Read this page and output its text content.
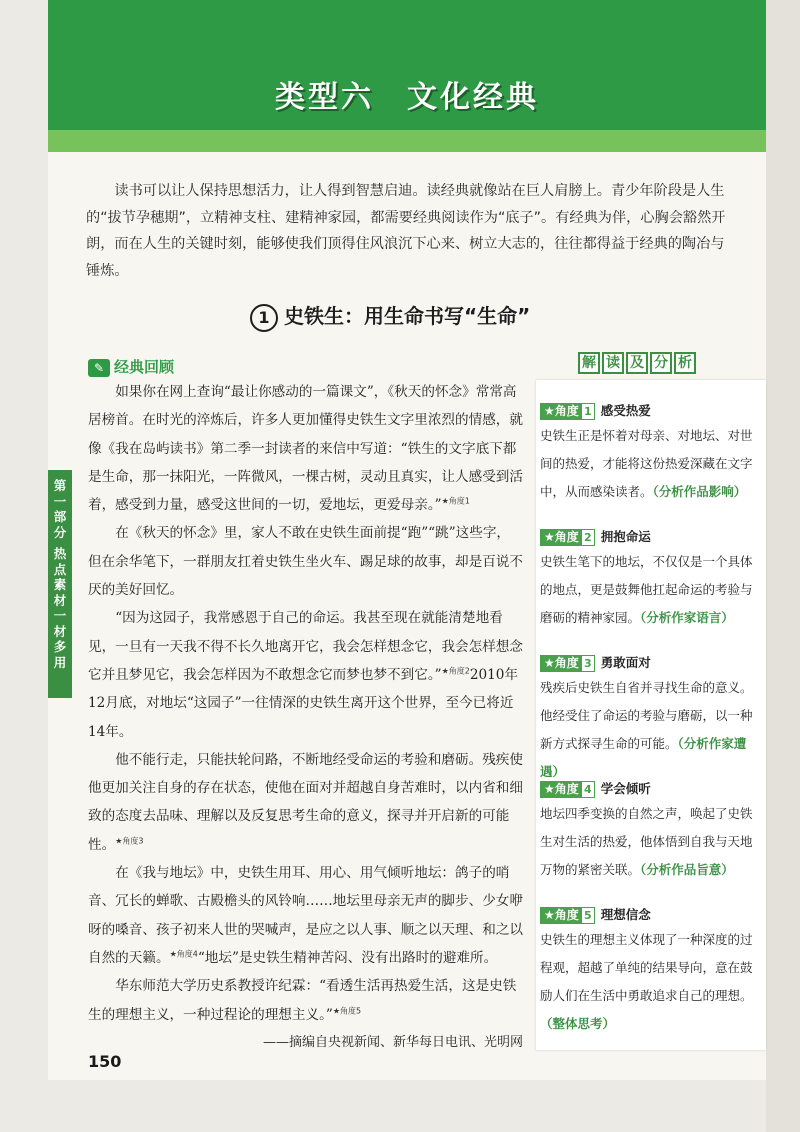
类型六　文化经典

读书可以让人保持思想活力，让人得到智慧启迪。读经典就像站在巨人肩膀上。青少年阶段是人生的“拔节孕穗期”，立精神支柱、建精神家园，都需要经典阅读作为“底子”。有经典为伴，心胸会豁然开朗，而在人生的关键时刻，能够使我们顶得住风浪沉下心来、树立大志的，往往都得益于经典的陶冶与锤炼。

1 史铁生：用生命书写“生命”
第
一
部
分
热
点
素
材
一
材
多
用
✎ 经典回顾

如果你在网上查询“最让你感动的一篇课文”，《秋天的怀念》常常高居榜首。在时光的淬炼后，许多人更加懂得史铁生文字里浓烈的情感，就像《我在岛屿读书》第二季一封读者的来信中写道：“铁生的文字底下都是生命，那一抹阳光，一阵微风，一棵古树，灵动且真实，让人感受到活着，感受到力量，感受这世间的一切，爱地坛，更爱母亲。”$^{★角度1}$

在《秋天的怀念》里，家人不敢在史铁生面前提“跑”“跳”这些字，但在余华笔下，一群朋友扛着史铁生坐火车、踢足球的故事，却是百说不厌的美好回忆。

“因为这园子，我常感恩于自己的命运。我甚至现在就能清楚地看见，一旦有一天我不得不长久地离开它，我会怎样想念它，我会怎样想念它并且梦见它，我会怎样因为不敢想念它而梦也梦不到它。”$^{★角度2}$2010年12月底，对地坛“这园子”一往情深的史铁生离开这个世界，至今已将近14年。

他不能行走，只能扶轮问路，不断地经受命运的考验和磨砺。残疾使他更加关注自身的存在状态，使他在面对并超越自身苦难时，以内省和细致的态度去品味、理解以及反复思考生命的意义，探寻并开启新的可能性。$^{★角度3}$

在《我与地坛》中，史铁生用耳、用心、用气倾听地坛：鸽子的哨音、冗长的蝉歌、古殿檐头的风铃响……地坛里母亲无声的脚步、少女咿呀的嗓音、孩子初来人世的哭喊声，是应之以人事、顺之以天理、和之以自然的天籁。$^{★角度4}$“地坛”是史铁生精神苦闷、没有出路时的避难所。

华东师范大学历史系教授许纪霖：“看透生活再热爱生活，这是史铁生的理想主义，一种过程论的理想主义。”$^{★角度5}$

——摘编自央视新闻、新华每日电讯、光明网
150
解 读 及 分 析
★角度 1 感受热爱

史铁生正是怀着对母亲、对地坛、对世间的热爱，才能将这份热爱深藏在文字中，从而感染读者。（分析作品影响）

★角度 2 拥抱命运

史铁生笔下的地坛，不仅仅是一个具体的地点，更是鼓舞他扛起命运的考验与磨砺的精神家园。（分析作家语言）

★角度 3 勇敢面对

残疾后史铁生自省并寻找生命的意义。他经受住了命运的考验与磨砺，以一种新方式探寻生命的可能。（分析作家遭遇）

★角度 4 学会倾听

地坛四季变换的自然之声，唤起了史铁生对生活的热爱，他体悟到自我与天地万物的紧密关联。（分析作品旨意）

★角度 5 理想信念

史铁生的理想主义体现了一种深度的过程观，超越了单纯的结果导向，意在鼓励人们在生活中勇敢追求自己的理想。（整体思考）
